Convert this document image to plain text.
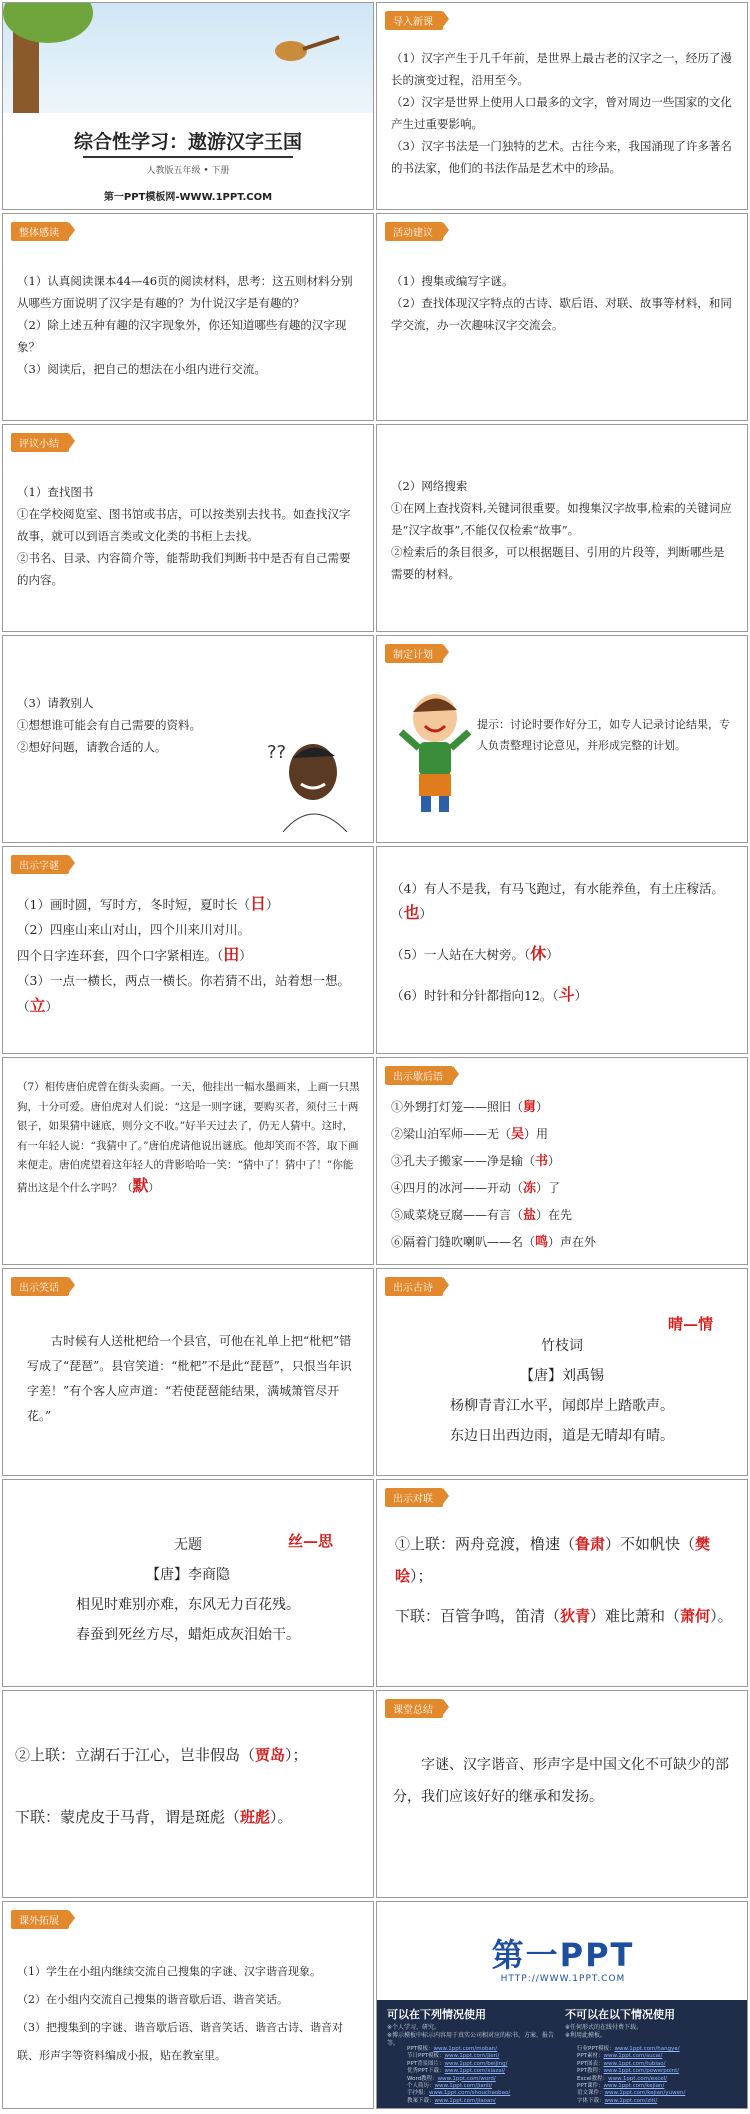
综合性学习：遨游汉字王国
人教版五年级 • 下册
第一PPT模板网-WWW.1PPT.COM
导入新课

（1）汉字产生于几千年前，是世界上最古老的汉字之一，经历了漫长的演变过程，沿用至今。

（2）汉字是世界上使用人口最多的文字，曾对周边一些国家的文化产生过重要影响。

（3）汉字书法是一门独特的艺术。古往今来，我国涌现了许多著名的书法家，他们的书法作品是艺术中的珍品。

整体感读

（1）认真阅读课本44—46页的阅读材料，思考：这五则材料分别从哪些方面说明了汉字是有趣的？为什说汉字是有趣的？

（2）除上述五种有趣的汉字现象外，你还知道哪些有趣的汉字现象？

（3）阅读后，把自己的想法在小组内进行交流。

活动建议

（1）搜集或编写字谜。

（2）查找体现汉字特点的古诗、歇后语、对联、故事等材料，和同学交流，办一次趣味汉字交流会。

评议小结

（1）查找图书

①在学校阅览室、图书馆或书店，可以按类别去找书。如查找汉字故事，就可以到语言类或文化类的书柜上去找。

②书名、目录、内容简介等，能帮助我们判断书中是否有自己需要的内容。

（2）网络搜索

①在网上查找资料,关键词很重要。如搜集汉字故事,检索的关键词应是“汉字故事”,不能仅仅检索“故事”。

②检索后的条目很多，可以根据题目、引用的片段等，判断哪些是需要的材料。

（3）请教别人

①想想谁可能会有自己需要的资料。

②想好问题，请教合适的人。	??
制定计划
提示：讨论时要作好分工，如专人记录讨论结果，专人负责整理讨论意见，并形成完整的计划。
出示字谜

（1）画时圆，写时方，冬时短，夏时长（日）

（2）四座山来山对山，四个川来川对川。

四个日字连环套，四个口字紧相连。（田）

（3）一点一横长，两点一横长。你若猜不出，站着想一想。（立）

（4）有人不是我，有马飞跑过，有水能养鱼，有土庄稼活。（也）

（5）一人站在大树旁。（休）

（6）时针和分针都指向12。（斗）

（7）相传唐伯虎曾在街头卖画。一天，他挂出一幅水墨画来，上画一只黑狗，十分可爱。唐伯虎对人们说：“这是一则字谜，要购买者，须付三十两银子，如果猜中谜底，则分文不收。”好半天过去了，仍无人猜中。这时，有一年轻人说：“我猜中了。”唐伯虎请他说出谜底。他却笑而不答，取下画来便走。唐伯虎望着这年轻人的背影哈哈一笑：“猜中了！猜中了！”你能猜出这是个什么字吗？（默）

出示歇后语

①外甥打灯笼——照旧（舅）

②梁山泊军师——无（吴）用

③孔夫子搬家——净是输（书）

④四月的冰河——开动（冻）了

⑤咸菜烧豆腐——有言（盐）在先

⑥隔着门缝吹喇叭——名（鸣）声在外

出示笑话
古时候有人送枇杷给一个县官，可他在礼单上把“枇杷”错写成了“琵琶”。县官笑道：“枇杷”不是此“琵琶”，只恨当年识字差！”有个客人应声道：“若使琵琶能结果，满城箫管尽开花。”
出示古诗
晴—情
竹枝词
【唐】刘禹锡
杨柳青青江水平，闻郎岸上踏歌声。
东边日出西边雨，道是无晴却有晴。
丝—思
无题
【唐】李商隐
相见时难别亦难，东风无力百花残。
春蚕到死丝方尽，蜡炬成灰泪始干。
出示对联
①上联：两舟竞渡，橹速（鲁肃）不如帆快（樊哙）；
下联：百管争鸣，笛清（狄青）难比萧和（萧何）。
②上联：立湖石于江心，岂非假岛（贾岛）；
下联：蒙虎皮于马背，谓是斑彪（班彪）。
课堂总结
字谜、汉字谐音、形声字是中国文化不可缺少的部分，我们应该好好的继承和发扬。
课外拓展

（1）学生在小组内继续交流自己搜集的字谜、汉字谐音现象。

（2）在小组内交流自己搜集的谐音歇后语、谐音笑话。

（3）把搜集到的字谜、谐音歇后语、谐音笑话、谐音古诗、谐音对联、形声字等资料编成小报，贴在教室里。

第一PPT
HTTP://WWW.1PPT.COM
可以在下列情况使用
※个人学习、研究。
※博示模板中标示内容用于真实公司相对应的标书、方案、报告等。
不可以在以下情况使用
※任何形式的在线付费下载。
※利用此模板。
PPT模板：www.1ppt.com/moban/
节日PPT模板：www.1ppt.com/jieri/
PPT背景图片：www.1ppt.com/beijing/
优秀PPT下载：www.1ppt.com/xiazai/
Word教程：www.1ppt.com/word/
个人简历：www.1ppt.com/jianli/
手抄报：www.1ppt.com/shouchaobao/
教案下载：www.1ppt.com/jiaoan/
行业PPT模板：www.1ppt.com/hangye/
PPT素材：www.1ppt.com/sucai/
PPT图表：www.1ppt.com/tubiao/
PPT教程：www.1ppt.com/powerpoint/
Excel教程：www.1ppt.com/excel/
PPT课件：www.1ppt.com/kejian/
语文课件：www.1ppt.com/kejian/yuwen/
字体下载：www.1ppt.com/ziti/
